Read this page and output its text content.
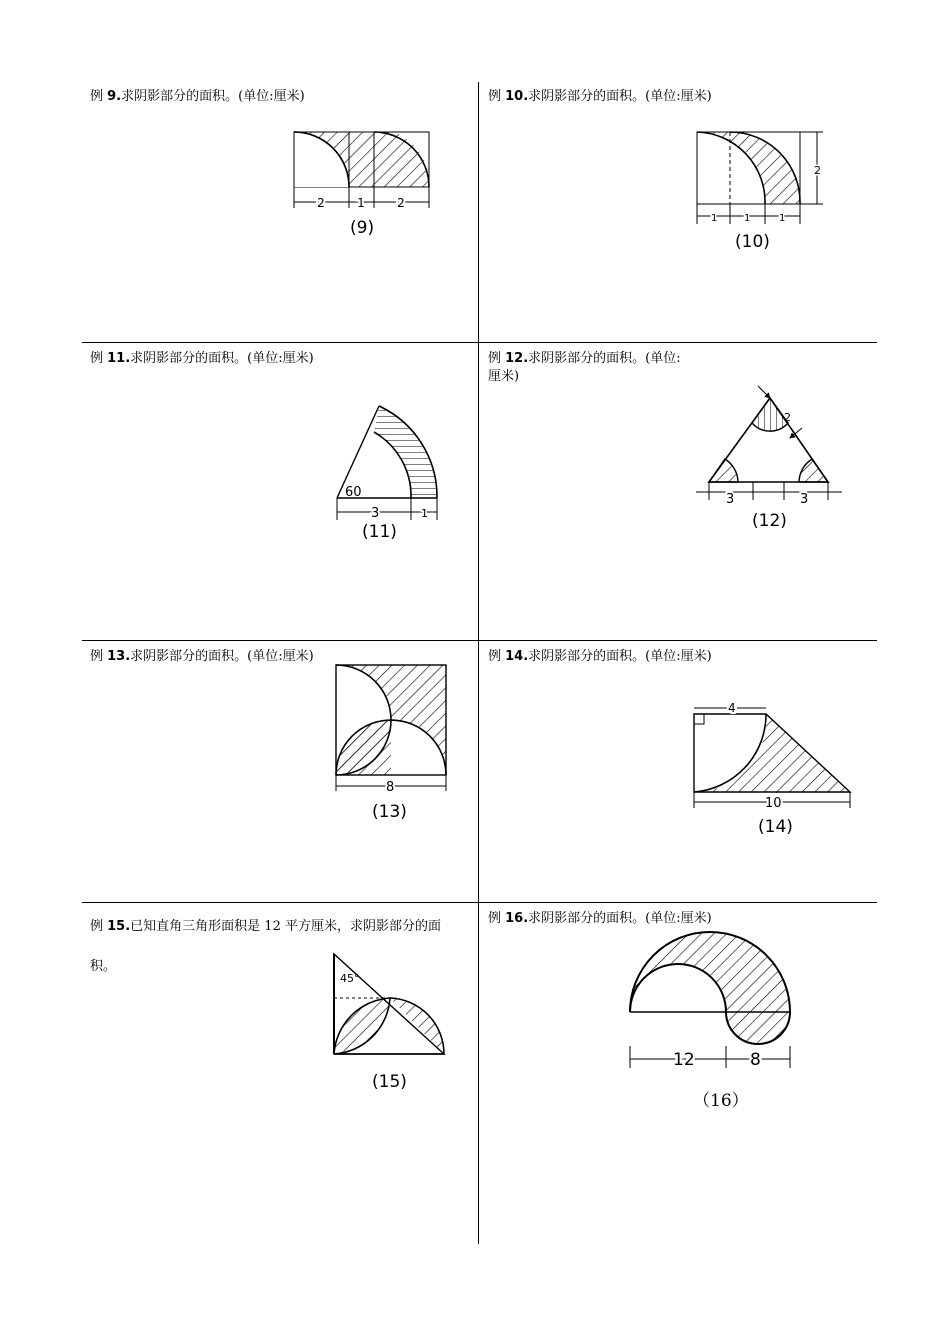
例 9.求阴影部分的面积。(单位:厘米)
2	1	2
(9)
例 10.求阴影部分的面积。(单位:厘米)
2
1	1	1
(10)
例 11.求阴影部分的面积。(单位:厘米)
60
3	1
(11)
例 12.求阴影部分的面积。(单位:
厘米)
2
3	3
(12)
例 13.求阴影部分的面积。(单位:厘米)
8
(13)
例 14.求阴影部分的面积。(单位:厘米)
4
10
(14)
例 15.已知直角三角形面积是 12 平方厘米，求阴影部分的面
积。
45°
(15)
例 16.求阴影部分的面积。(单位:厘米)
12	8
（16）
